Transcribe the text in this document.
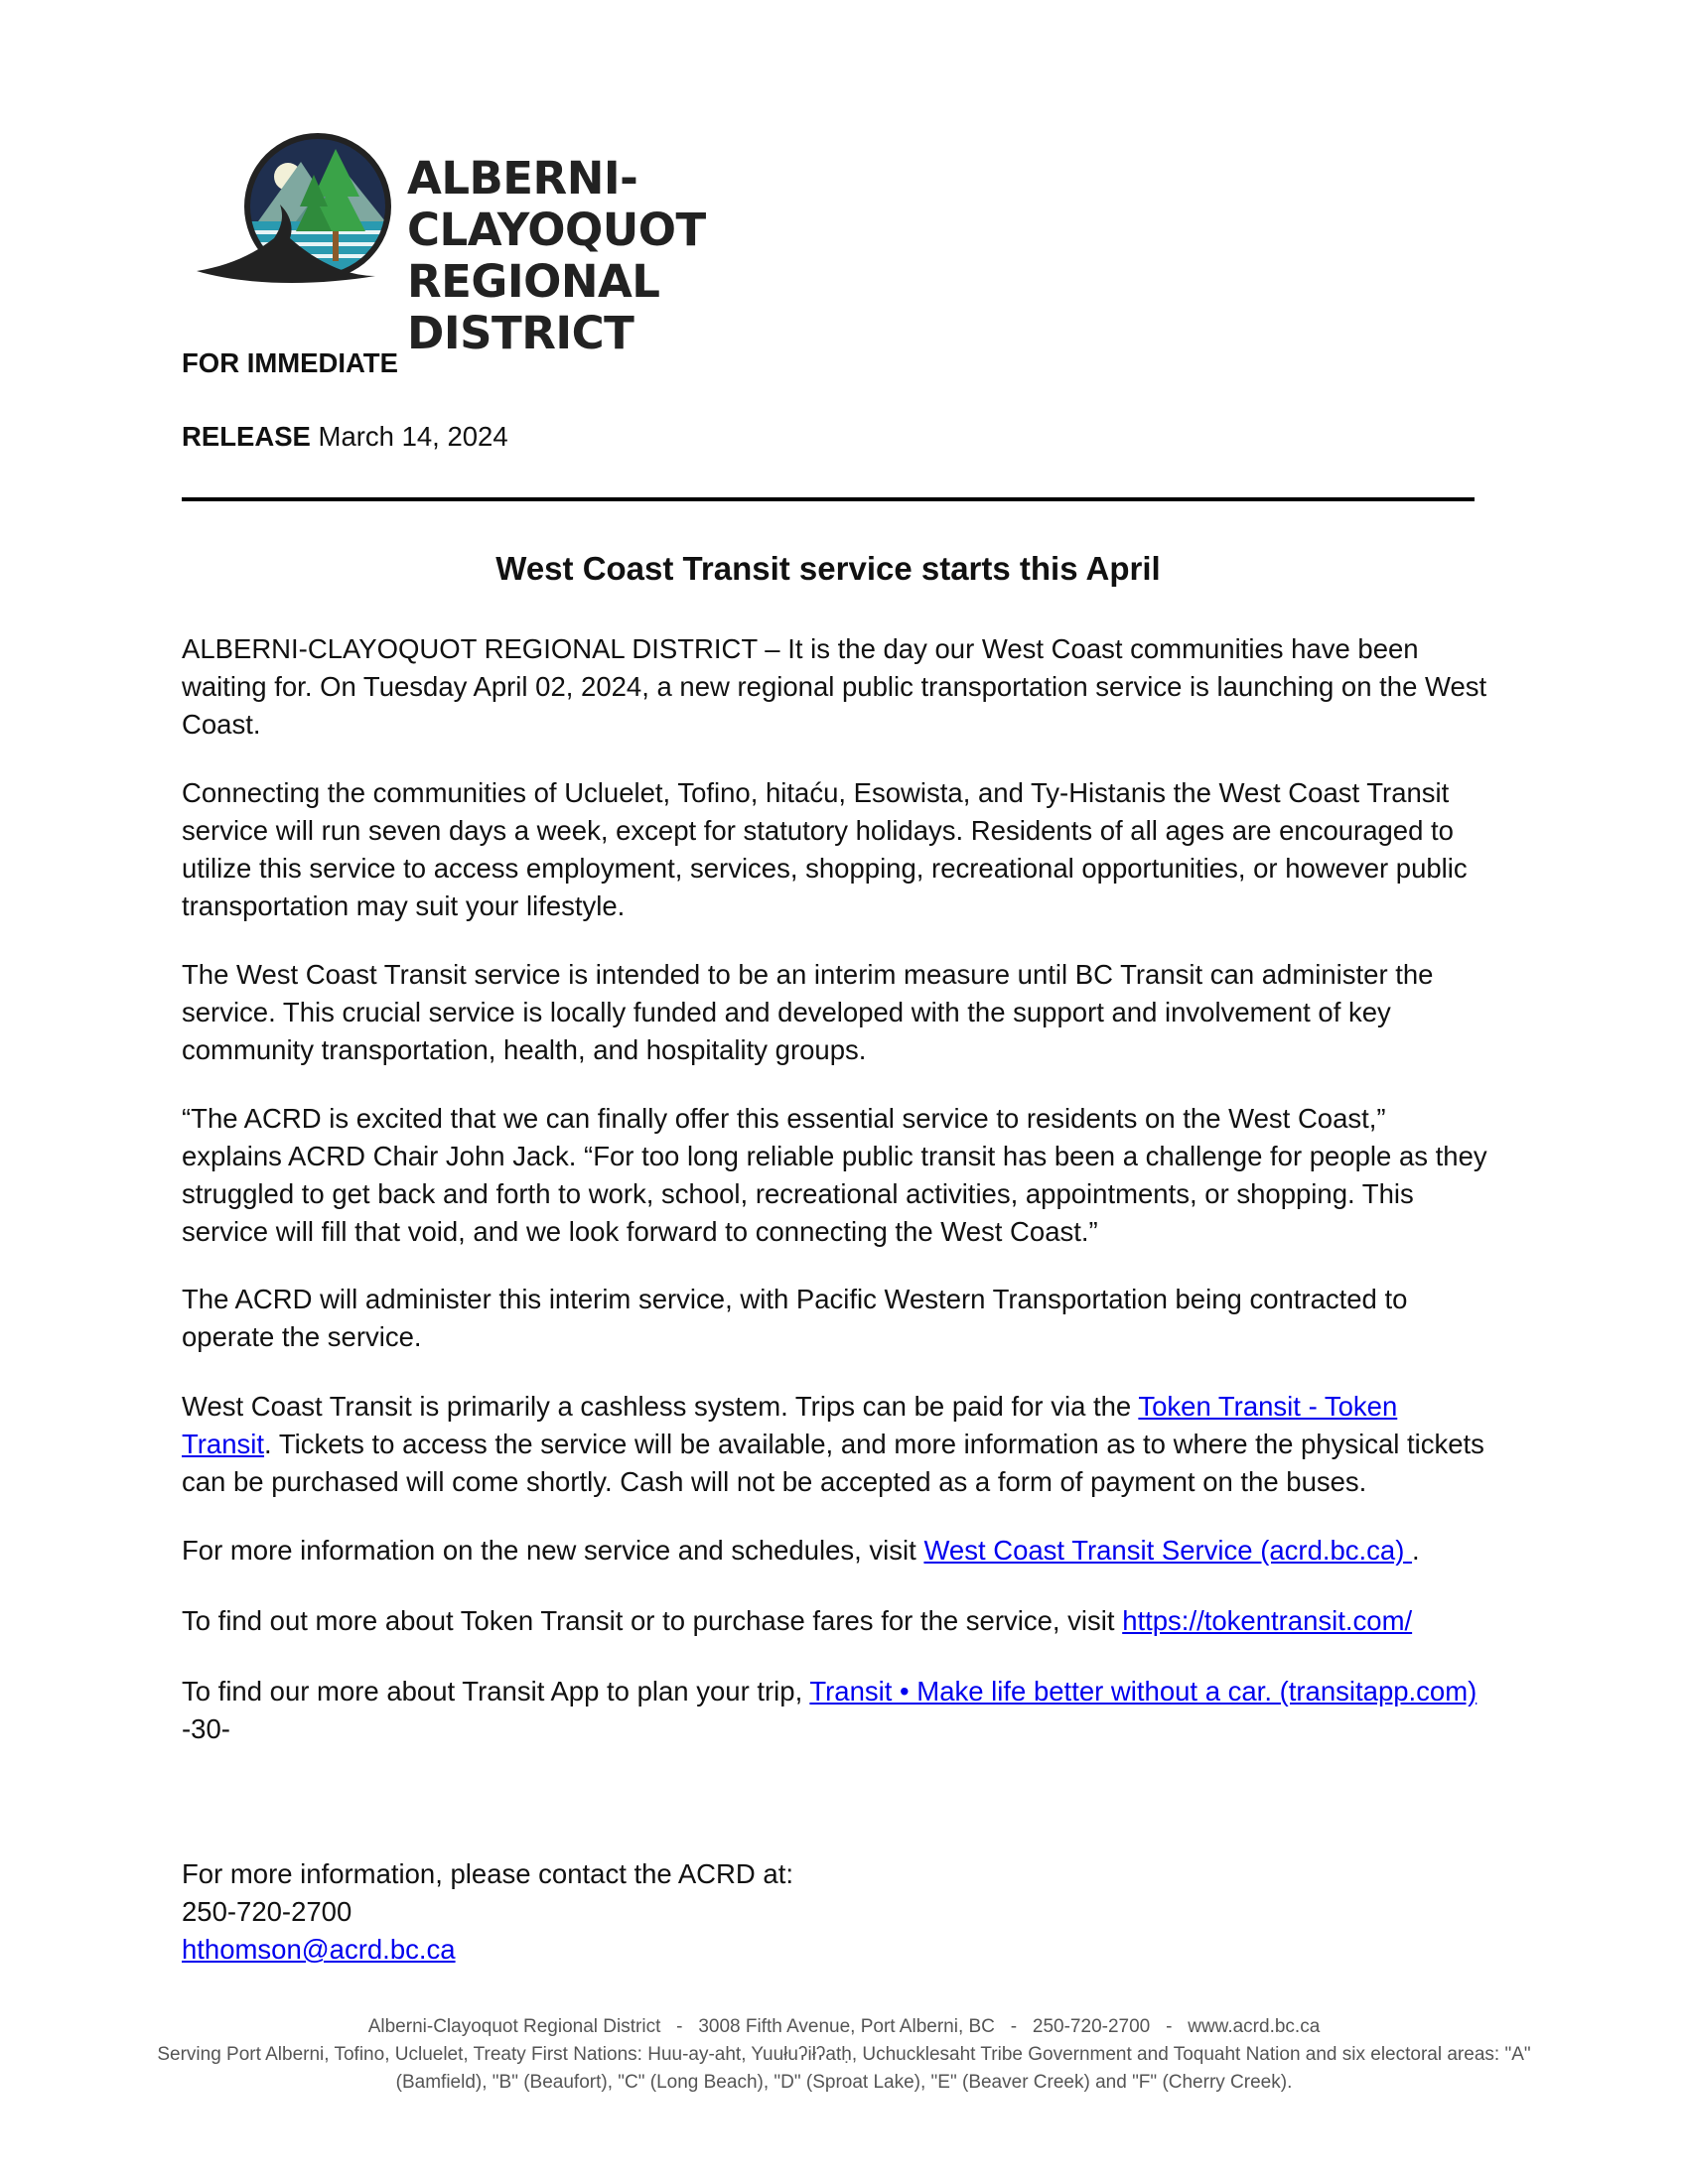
ALBERNI-CLAYOQUOT
REGIONAL DISTRICT
FOR IMMEDIATE
RELEASE March 14, 2024
West Coast Transit service starts this April

ALBERNI-CLAYOQUOT REGIONAL DISTRICT – It is the day our West Coast communities have been waiting for. On Tuesday April 02, 2024, a new regional public transportation service is launching on the West Coast.

Connecting the communities of Ucluelet, Tofino, hitaću, Esowista, and Ty-Histanis the West Coast Transit service will run seven days a week, except for statutory holidays. Residents of all ages are encouraged to utilize this service to access employment, services, shopping, recreational opportunities, or however public transportation may suit your lifestyle.

The West Coast Transit service is intended to be an interim measure until BC Transit can administer the service. This crucial service is locally funded and developed with the support and involvement of key community transportation, health, and hospitality groups.

“The ACRD is excited that we can finally offer this essential service to residents on the West Coast,” explains ACRD Chair John Jack. “For too long reliable public transit has been a challenge for people as they struggled to get back and forth to work, school, recreational activities, appointments, or shopping. This service will fill that void, and we look forward to connecting the West Coast.”

The ACRD will administer this interim service, with Pacific Western Transportation being contracted to operate the service.

West Coast Transit is primarily a cashless system. Trips can be paid for via the Token Transit - Token Transit. Tickets to access the service will be available, and more information as to where the physical tickets can be purchased will come shortly. Cash will not be accepted as a form of payment on the buses.

For more information on the new service and schedules, visit West Coast Transit Service (acrd.bc.ca) .

To find out more about Token Transit or to purchase fares for the service, visit https://tokentransit.com/

To find our more about Transit App to plan your trip, Transit • Make life better without a car. (transitapp.com)

-30-

For more information, please contact the ACRD at:

250-720-2700

hthomson@acrd.bc.ca

Alberni-Clayoquot Regional District   -   3008 Fifth Avenue, Port Alberni, BC   -   250-720-2700   -   www.acrd.bc.ca
Serving Port Alberni, Tofino, Ucluelet, Treaty First Nations: Huu-ay-aht, Yuułuʔiłʔatḥ, Uchucklesaht Tribe Government and Toquaht Nation and six electoral areas: "A" (Bamfield), "B" (Beaufort), "C" (Long Beach), "D" (Sproat Lake), "E" (Beaver Creek) and "F" (Cherry Creek).
